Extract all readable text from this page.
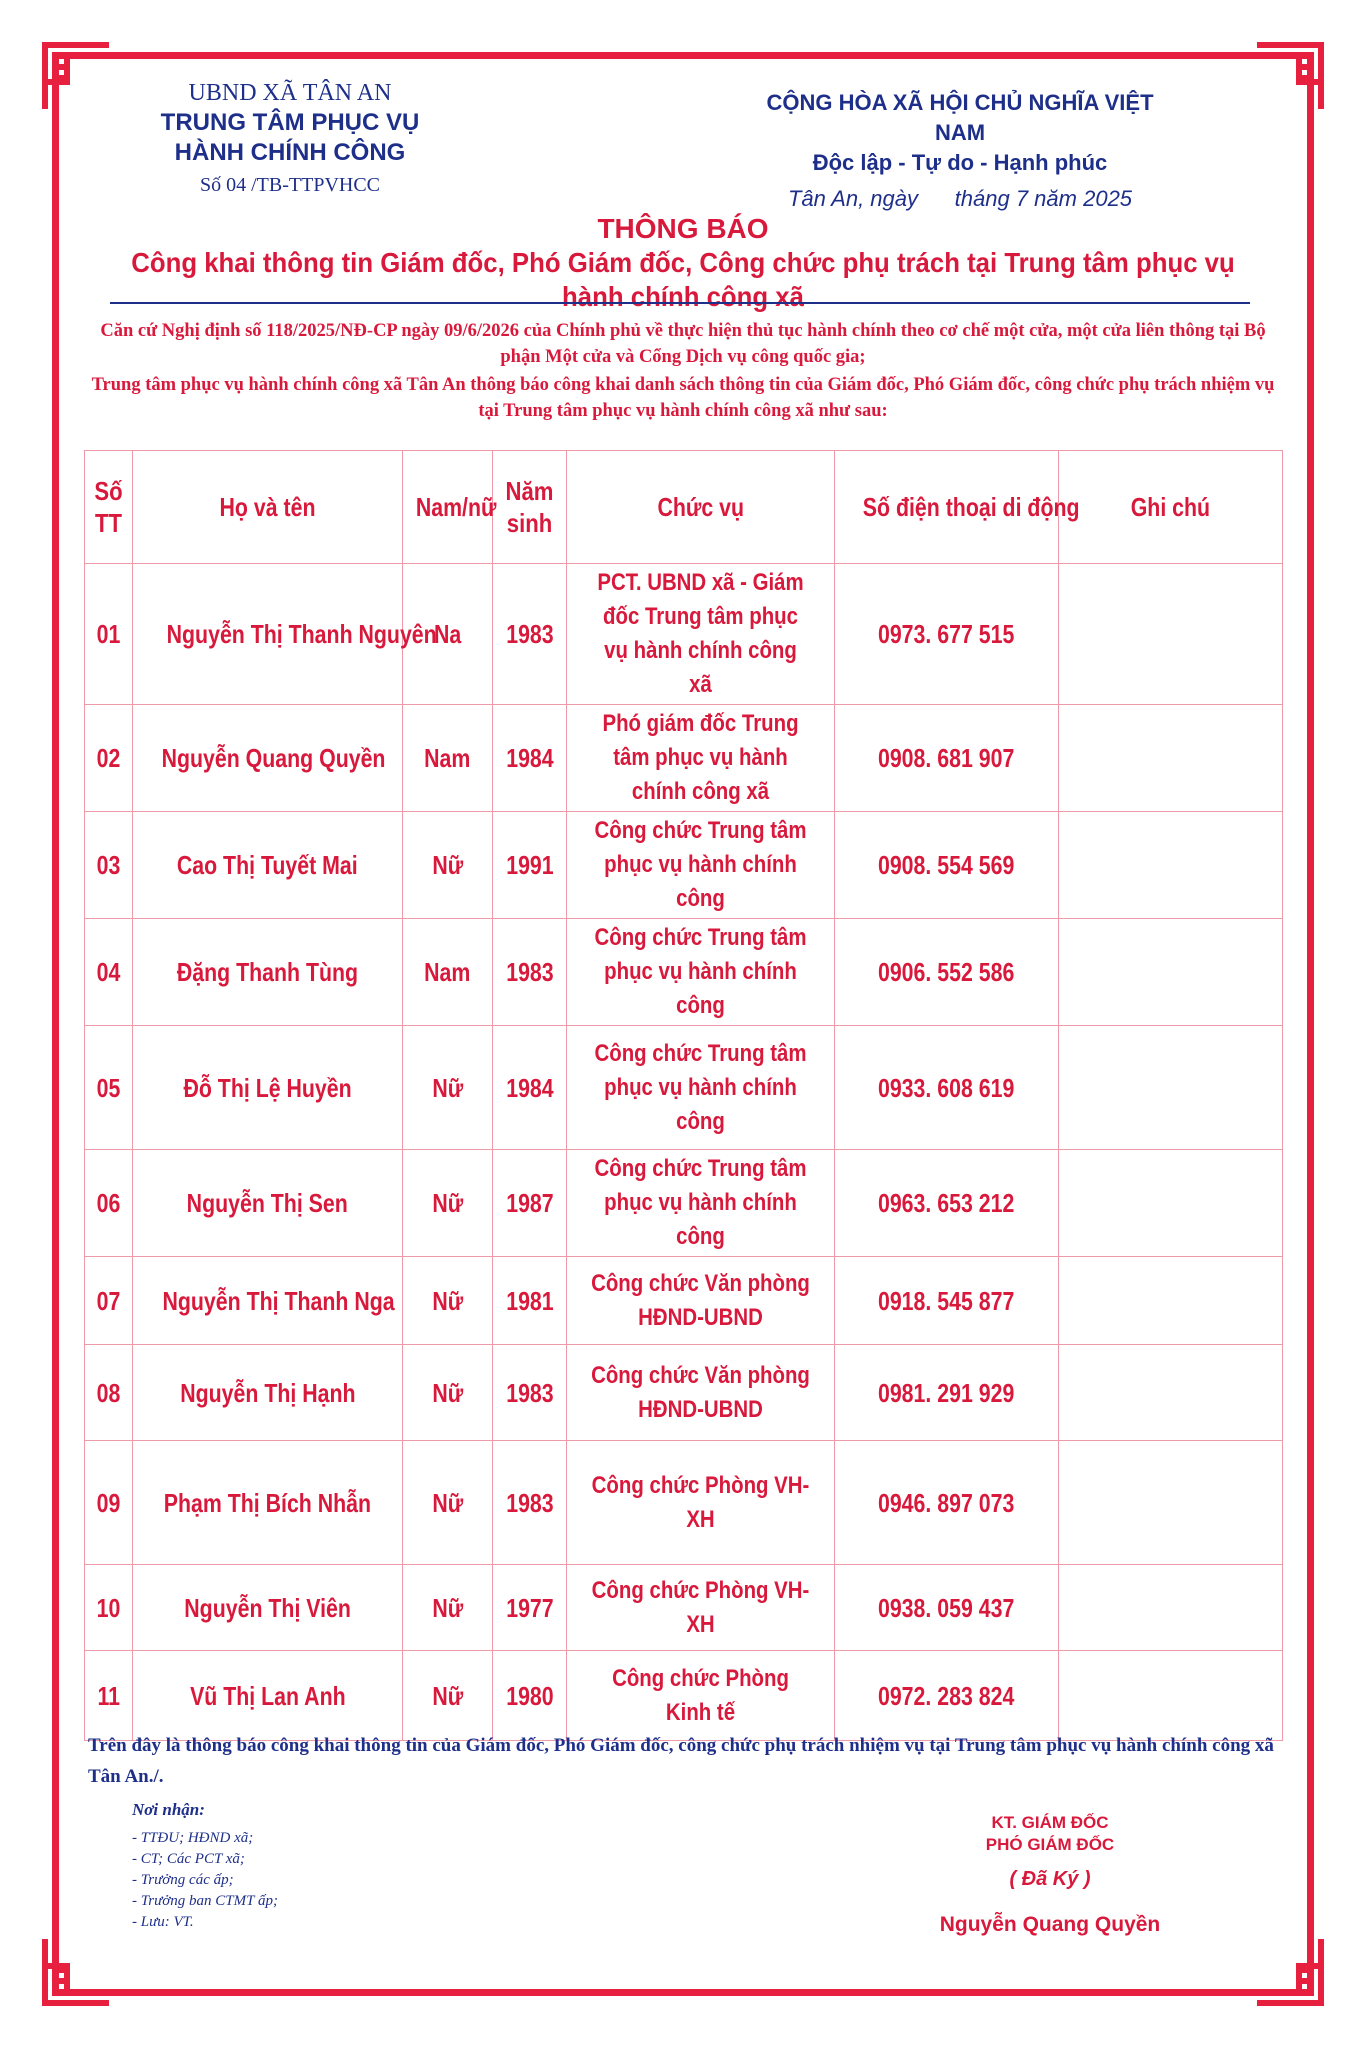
UBND XÃ TÂN AN
TRUNG TÂM PHỤC VỤ
HÀNH CHÍNH CÔNG
Số 04 /TB-TTPVHCC
CỘNG HÒA XÃ HỘI CHỦ NGHĨA VIỆT NAM
Độc lập - Tự do - Hạnh phúc
Tân An, ngày      tháng 7 năm 2025
THÔNG BÁO
Công khai thông tin Giám đốc, Phó Giám đốc, Công chức phụ trách tại Trung tâm phục vụ hành chính công xã

Căn cứ Nghị định số 118/2025/NĐ-CP ngày 09/6/2026 của Chính phủ về thực hiện thủ tục hành chính theo cơ chế một cửa, một cửa liên thông tại Bộ phận Một cửa và Cổng Dịch vụ công quốc gia;

Trung tâm phục vụ hành chính công xã Tân An thông báo công khai danh sách thông tin của Giám đốc, Phó Giám đốc, công chức phụ trách nhiệm vụ tại Trung tâm phục vụ hành chính công xã như sau:

Số TT	Họ và tên	Nam/nữ	Năm sinh	Chức vụ	Số điện thoại di động	Ghi chú
01	Nguyễn Thị Thanh Nguyên	Na	1983	PCT. UBND xã - Giám đốc Trung tâm phục vụ hành chính công xã	0973. 677 515	
02	Nguyễn Quang Quyền	Nam	1984	Phó giám đốc Trung tâm phục vụ hành chính công xã	0908. 681 907	
03	Cao Thị Tuyết Mai	Nữ	1991	Công chức Trung tâm phục vụ hành chính công	0908. 554 569	
04	Đặng Thanh Tùng	Nam	1983	Công chức Trung tâm phục vụ hành chính công	0906. 552 586	
05	Đỗ Thị Lệ Huyền	Nữ	1984	Công chức Trung tâm phục vụ hành chính công	0933. 608 619	
06	Nguyễn Thị Sen	Nữ	1987	Công chức Trung tâm phục vụ hành chính công	0963. 653 212	
07	Nguyễn Thị Thanh Nga	Nữ	1981	Công chức Văn phòng HĐND-UBND	0918. 545 877	
08	Nguyễn Thị Hạnh	Nữ	1983	Công chức Văn phòng HĐND-UBND	0981. 291 929	
09	Phạm Thị Bích Nhẫn	Nữ	1983	Công chức Phòng VH-XH	0946. 897 073	
10	Nguyễn Thị Viên	Nữ	1977	Công chức Phòng VH-XH	0938. 059 437	
11	Vũ Thị Lan Anh	Nữ	1980	Công chức Phòng Kinh tế	0972. 283 824	
Trên đây là thông báo công khai thông tin của Giám đốc, Phó Giám đốc, công chức phụ trách nhiệm vụ tại Trung tâm phục vụ hành chính công xã Tân An./.
Nơi nhận:
- TTĐU; HĐND xã;
- CT; Các PCT xã;
- Trưởng các ấp;
- Trưởng ban CTMT ấp;
- Lưu: VT.
KT. GIÁM ĐỐC
PHÓ GIÁM ĐỐC
( Đã Ký )
Nguyễn Quang Quyền
